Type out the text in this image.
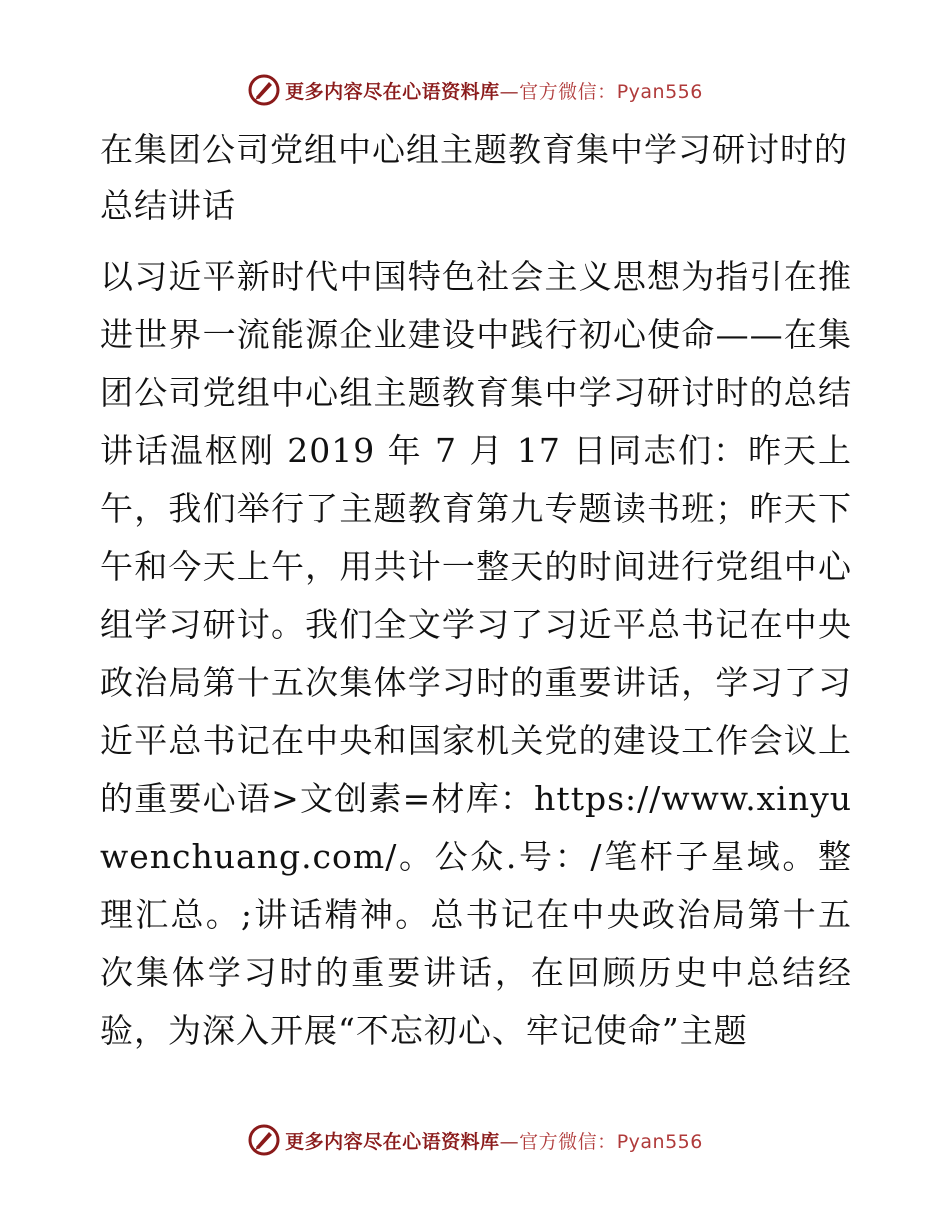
更多内容尽在心语资料库—官方微信：Pyan556
在集团公司党组中心组主题教育集中学习研讨时的总结讲话

以习近平新时代中国特色社会主义思想为指引在推进世界一流能源企业建设中践行初心使命——在集团公司党组中心组主题教育集中学习研讨时的总结讲话温枢刚 2019 年 7 月 17 日同志们：昨天上午，我们举行了主题教育第九专题读书班；昨天下午和今天上午，用共计一整天的时间进行党组中心组学习研讨。我们全文学习了习近平总书记在中央政治局第十五次集体学习时的重要讲话，学习了习近平总书记在中央和国家机关党的建设工作会议上的重要心语>文创素=材库：https://www.xinyuwenchuang.com/。公众.号：/笔杆子星域。整理汇总。;讲话精神。总书记在中央政治局第十五次集体学习时的重要讲话，在回顾历史中总结经验，为深入开展“不忘初心、牢记使命”主题

更多内容尽在心语资料库—官方微信：Pyan556
